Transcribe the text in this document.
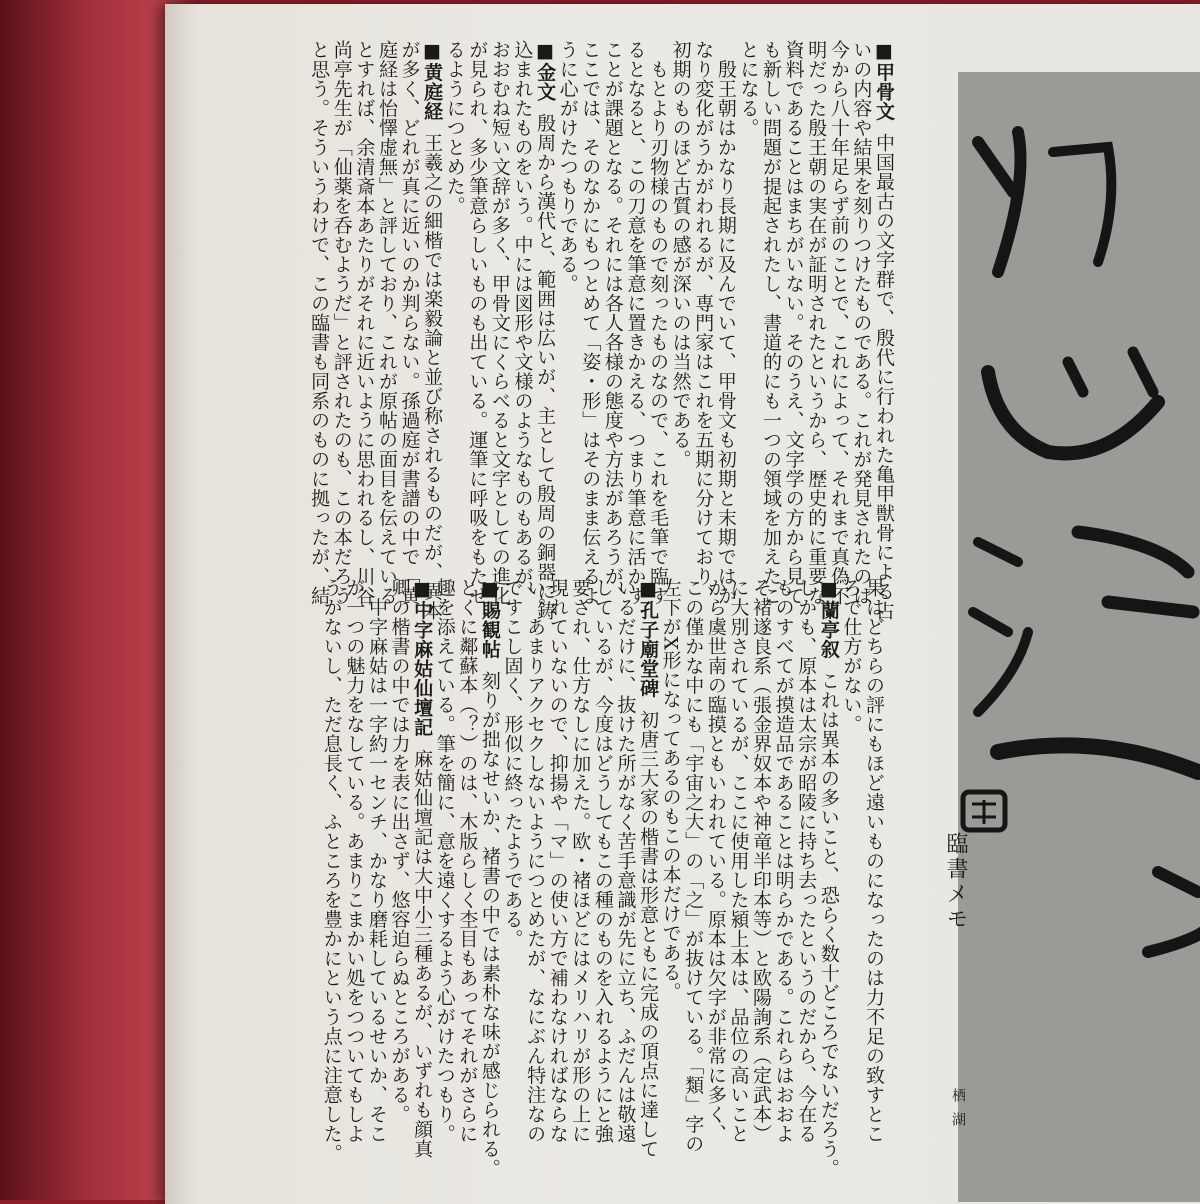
■甲骨文中国最古の文字群で、殷代に行われた亀甲獣骨による占
いの内容や結果を刻りつけたものである。これが発見されたのは
今から八十年足らず前のことで、これによって、それまで真偽不
明だった殷王朝の実在が証明されたというから、歴史的に重要な
資料であることはまちがいない。そのうえ、文字学の方から見て
も新しい問題が提起されたし、書道的にも一つの領域を加えたこ
とになる。
　殷王朝はかなり長期に及んでいて、甲骨文も初期と末期ではか
なり変化がうかがわれるが、専門家はこれを五期に分けており、
初期のものほど古質の感が深いのは当然である。
　もとより刃物様のもので刻ったものなので、これを毛筆で臨す
るとなると、この刀意を筆意に置きかえる、つまり筆意に活かす
ことが課題となる。それには各人各様の態度や方法があろうが、
ここでは、そのなかにもつとめて「姿・形」はそのまま伝えるよ
うに心がけたつもりである。
■金文殷周から漢代と、範囲は広いが、主として殷周の銅器に鋳
込まれたものをいう。中には図形や文様のようなものもあるが、
おおむね短い文辞が多く、甲骨文にくらべると文字としての進化
が見られ、多少筆意らしいものも出ている。運筆に呼吸をもたせ
るようにつとめた。
■黄庭経王羲之の細楷では楽毅論と並び称されるものだが、異本
が多く、どれが真に近いのか判らない。孫過庭が書譜の中で「黄
庭経は怡懌虚無」と評しており、これが原帖の面目を伝えている
とすれば、余清斎本あたりがそれに近いように思われるし、川谷
尚亭先生が「仙薬を呑むようだ」と評されたのも、この本だろう
と思う。そういうわけで、この臨書も同系のものに拠ったが、結
果はどちらの評にもほど遠いものになったのは力不足の致すとこ
ろで仕方がない。
■蘭亭叙これは異本の多いこと、恐らく数十どころでないだろう。
しかも、原本は太宗が昭陵に持ち去ったというのだから、今在る
ものすべてが摸造品であることは明らかである。これらはおおよ
そ褚遂良系（張金界奴本や神竜半印本等）と欧陽詢系（定武本）
に大別されているが、ここに使用した潁上本は、品位の高いこと
から虞世南の臨摸ともいわれている。原本は欠字が非常に多く、
この僅かな中にも「宇宙之大」の「之」が抜けている。「類」字の
左下がX形になってあるのもこの本だけである。
■孔子廟堂碑初唐三大家の楷書は形意ともに完成の頂点に達して
いるだけに、抜けた所がなく苦手意識が先に立ち、ふだんは敬遠
しているが、今度はどうしてもこの種のものを入れるようにと強
要され、仕方なしに加えた。欧・褚ほどにはメリハリが形の上に
現れていないので、抑揚や「マ」の使い方で補わなければならな
い。あまりアクセクしないようにつとめたが、なにぶん特注なの
ですこし固く、形似に終ったようである。
■賜観帖刻りが拙なせいか、褚書の中では素朴な味が感じられる。
とくに鄰蘇本（？）のは、木版らしく杢目もあってそれがさらに
趣を添えている。筆を簡に、意を遠くするよう心がけたつもり。
■中字麻姑仙壇記麻姑仙壇記は大中小三種あるが、いずれも顔真
卿の楷書の中では力を表に出さず、悠容迫らぬところがある。
　中字麻姑は一字約一センチ、かなり磨耗しているせいか、そこ
が一つの魅力をなしている。あまりこまかい処をつついてもしよ
うがないし、ただ息長く、ふところを豊かにという点に注意した。	臨書メモ
栖湖
